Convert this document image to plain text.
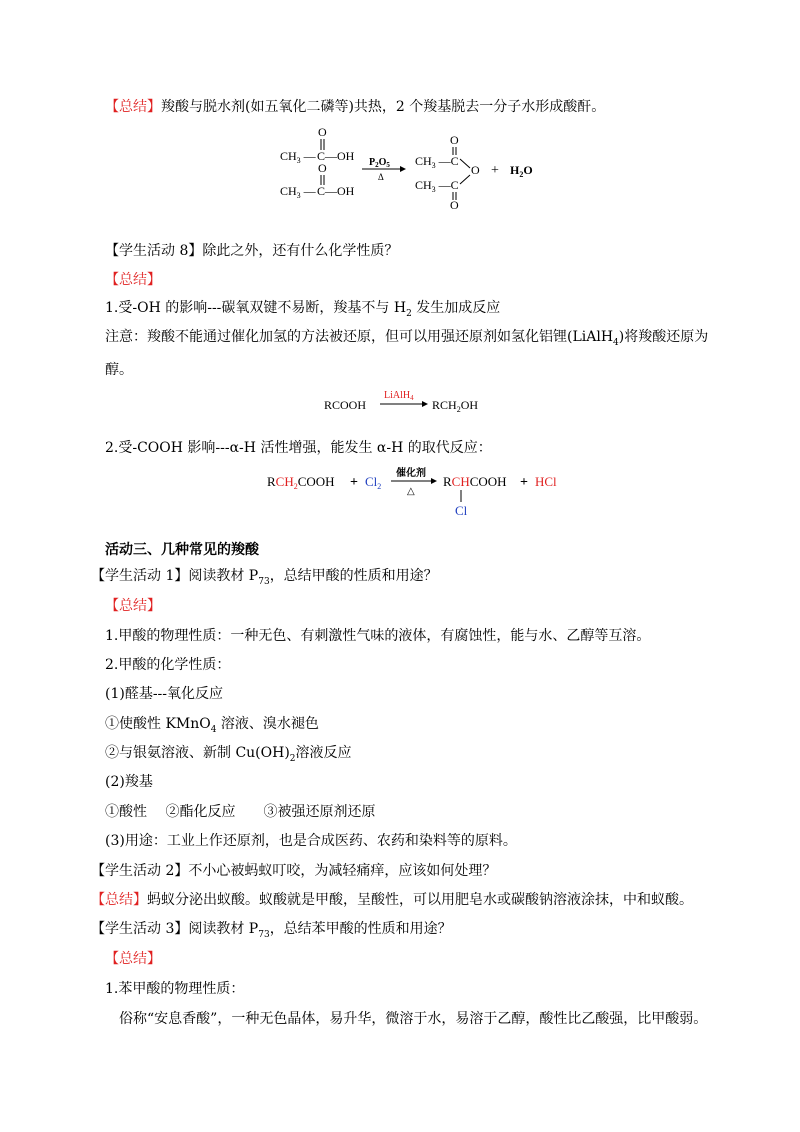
【总结】羧酸与脱水剂(如五氧化二磷等)共热，2 个羧基脱去一分子水形成酸酐。
O
$CH_3$ — C—OH
O
$CH_3$ — C—OH
$P_2O_5$
Δ
O
$CH_3$ —C
O
$CH_3$ —C
O
+ $H_2O$
【学生活动 8】除此之外，还有什么化学性质？
【总结】
1.受-OH 的影响---碳氧双键不易断，羧基不与 $H_2$ 发生加成反应
注意：羧酸不能通过催化加氢的方法被还原，但可以用强还原剂如氢化铝锂(LiAlH$_4$)将羧酸还原为
醇。
RCOOH
LiAlH$_4$ $RCH_2OH$
2.受-COOH 影响---α-H 活性增强，能发生 α-H 的取代反应：
$RCH_2COOH + Cl_2$
催化剂
△
RCHCOOH
Cl
+ HCl
活动三、几种常见的羧酸
【学生活动 1】阅读教材 $P_{73}$，总结甲酸的性质和用途？
【总结】
1.甲酸的物理性质：一种无色、有刺激性气味的液体，有腐蚀性，能与水、乙醇等互溶。
2.甲酸的化学性质：
(1)醛基---氧化反应
①使酸性 KMnO$_4$ 溶液、溴水褪色
②与银氨溶液、新制 $Cu(OH)_2$溶液反应
(2)羧基
①酸性　 ②酯化反应　　③被强还原剂还原
(3)用途：工业上作还原剂，也是合成医药、农药和染料等的原料。
【学生活动 2】不小心被蚂蚁叮咬，为减轻痛痒，应该如何处理？
【总结】蚂蚁分泌出蚁酸。蚁酸就是甲酸，呈酸性，可以用肥皂水或碳酸钠溶液涂抹，中和蚁酸。
【学生活动 3】阅读教材 $P_{73}$，总结苯甲酸的性质和用途？
【总结】
1.苯甲酸的物理性质：
俗称“安息香酸”，一种无色晶体，易升华，微溶于水，易溶于乙醇，酸性比乙酸强，比甲酸弱。
